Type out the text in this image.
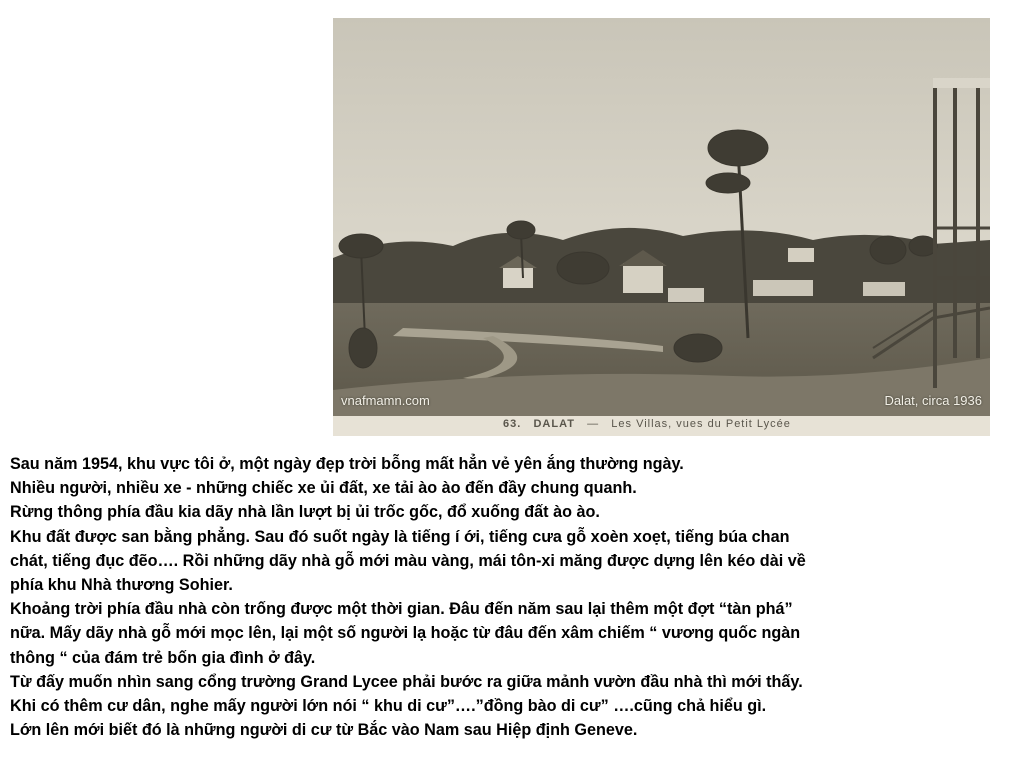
vnafmamn.com	Dalat, circa 1936
63. DALAT — Les Villas, vues du Petit Lycée

Sau năm 1954, khu vực tôi ở, một ngày đẹp trời bỗng mất hẳn vẻ yên ắng thường ngày.

Nhiều người, nhiều xe - những chiếc xe ủi đất, xe tải ào ào đến đầy chung quanh.

Rừng thông phía đầu kia dãy nhà lần lượt bị ủi trốc gốc, đổ xuống đất ào ào.

Khu đất được san bằng phẳng. Sau đó suốt ngày là tiếng í ới, tiếng cưa gỗ xoèn xoẹt, tiếng búa chan

chát, tiếng đục đẽo…. Rồi những dãy nhà gỗ mới màu vàng, mái tôn-xi măng được dựng lên kéo dài về

phía khu Nhà thương Sohier.

Khoảng trời phía đầu nhà còn trống được một thời gian. Đâu đến năm sau lại thêm một đợt “tàn phá”

nữa. Mấy dãy nhà gỗ mới mọc lên, lại một số người lạ hoặc từ đâu đến xâm chiếm “ vương quốc ngàn

thông “ của đám trẻ bốn gia đình ở đây.

Từ đấy muốn nhìn sang cổng trường Grand Lycee phải bước ra giữa mảnh vườn đầu nhà thì mới thấy.

Khi có thêm cư dân, nghe mấy người lớn nói “ khu di cư”….”đồng bào di cư” ….cũng chả hiểu gì.

Lớn lên mới biết đó là những người di cư từ Bắc vào Nam sau Hiệp định Geneve.
